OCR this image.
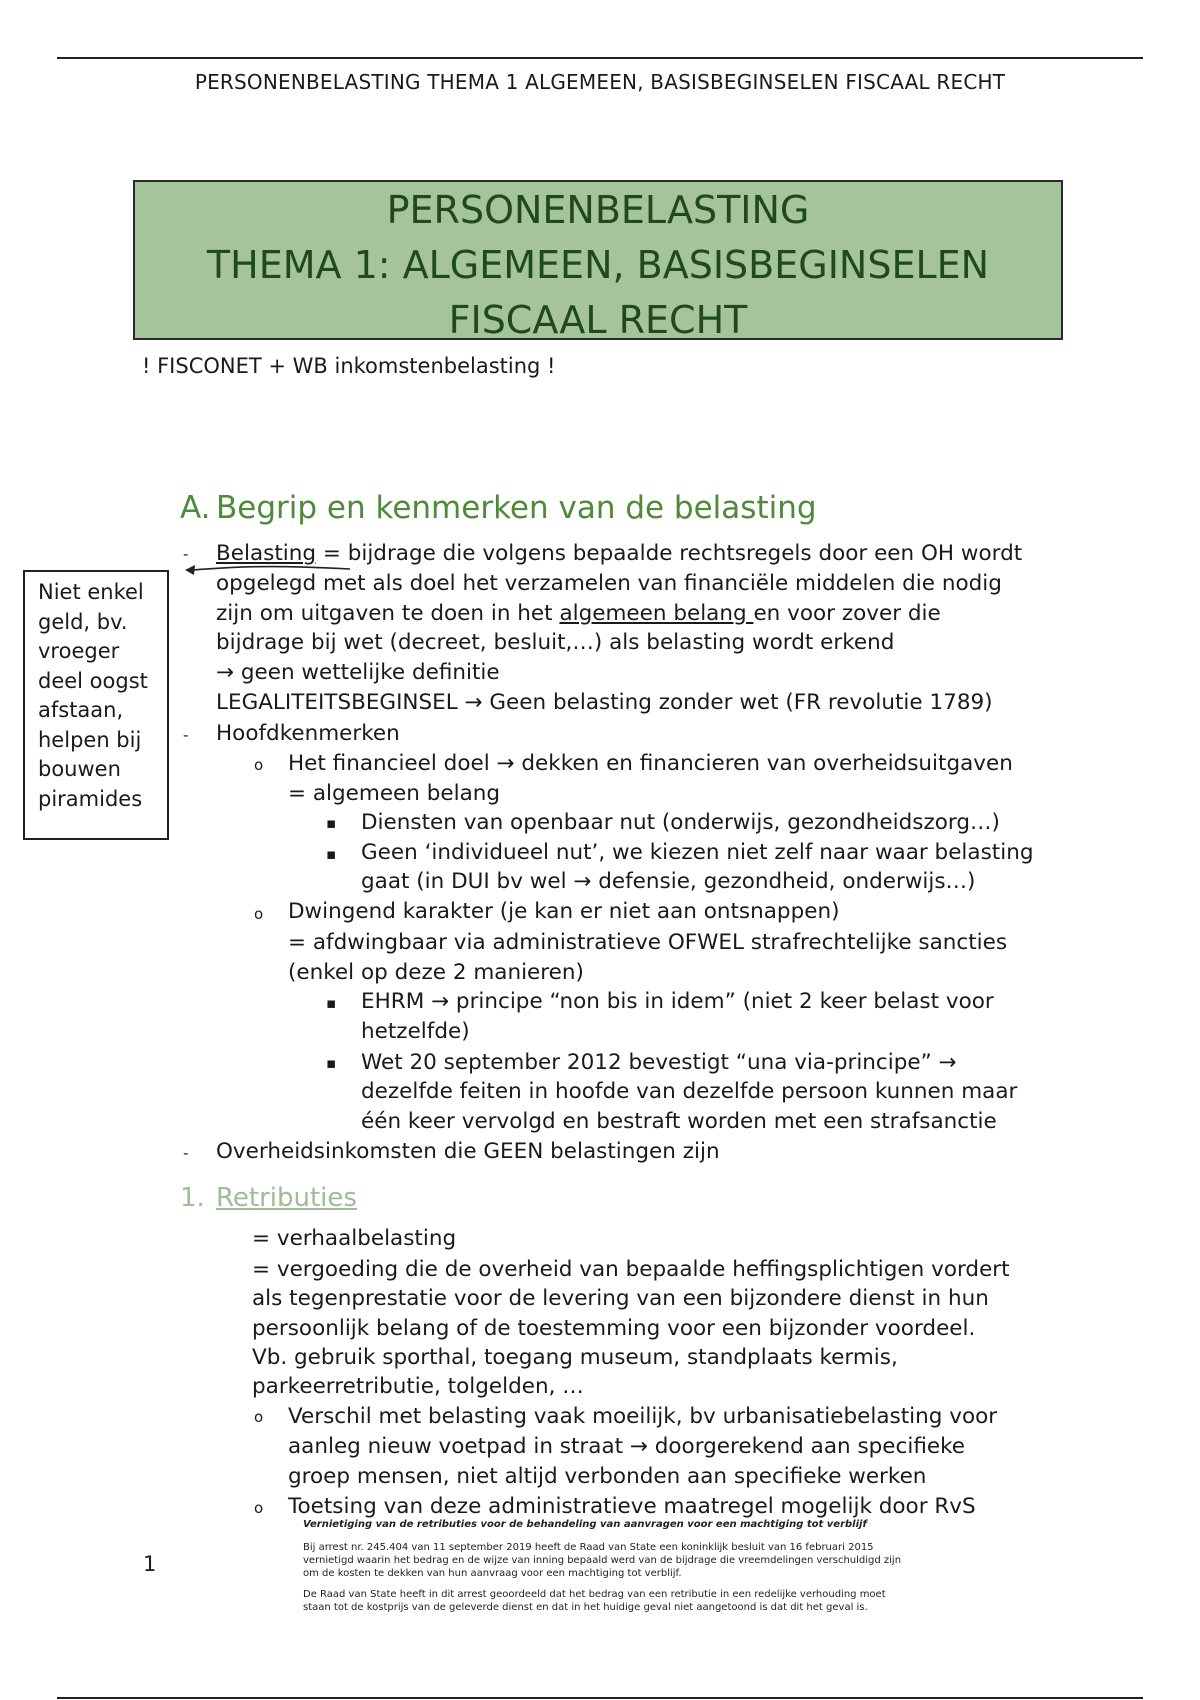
PERSONENBELASTING THEMA 1 ALGEMEEN, BASISBEGINSELEN FISCAAL RECHT
PERSONENBELASTING
THEMA 1: ALGEMEEN, BASISBEGINSELEN
FISCAAL RECHT
! FISCONET + WB inkomstenbelasting !
Niet enkel
geld, bv.
vroeger
deel oogst
afstaan,
helpen bij
bouwen
piramides
A. Begrip en kenmerken van de belasting
-
-
o
▪
▪
o
▪
▪
-
o
o
Belasting = bijdrage die volgens bepaalde rechtsregels door een OH wordt
opgelegd met als doel het verzamelen van financiële middelen die nodig
zijn om uitgaven te doen in het algemeen belang en voor zover die
bijdrage bij wet (decreet, besluit,…) als belasting wordt erkend
→ geen wettelijke definitie
LEGALITEITSBEGINSEL → Geen belasting zonder wet (FR revolutie 1789)
Hoofdkenmerken
Het financieel doel → dekken en financieren van overheidsuitgaven
= algemeen belang
Diensten van openbaar nut (onderwijs, gezondheidszorg…)
Geen ‘individueel nut’, we kiezen niet zelf naar waar belasting
gaat (in DUI bv wel → defensie, gezondheid, onderwijs…)
Dwingend karakter (je kan er niet aan ontsnappen)
= afdwingbaar via administratieve OFWEL strafrechtelijke sancties
(enkel op deze 2 manieren)
EHRM → principe “non bis in idem” (niet 2 keer belast voor
hetzelfde)
Wet 20 september 2012 bevestigt “una via-principe” →
dezelfde feiten in hoofde van dezelfde persoon kunnen maar
één keer vervolgd en bestraft worden met een strafsanctie
Overheidsinkomsten die GEEN belastingen zijn
1. Retributies
= verhaalbelasting
= vergoeding die de overheid van bepaalde heffingsplichtigen vordert
als tegenprestatie voor de levering van een bijzondere dienst in hun
persoonlijk belang of de toestemming voor een bijzonder voordeel.
Vb. gebruik sporthal, toegang museum, standplaats kermis,
parkeerretributie, tolgelden, …
Verschil met belasting vaak moeilijk, bv urbanisatiebelasting voor
aanleg nieuw voetpad in straat → doorgerekend aan specifieke
groep mensen, niet altijd verbonden aan specifieke werken
Toetsing van deze administratieve maatregel mogelijk door RvS
Vernietiging van de retributies voor de behandeling van aanvragen voor een machtiging tot verblijf

Bij arrest nr. 245.404 van 11 september 2019 heeft de Raad van State een koninklijk besluit van 16 februari 2015 vernietigd waarin het bedrag en de wijze van inning bepaald werd van de bijdrage die vreemdelingen verschuldigd zijn om de kosten te dekken van hun aanvraag voor een machtiging tot verblijf.

De Raad van State heeft in dit arrest geoordeeld dat het bedrag van een retributie in een redelijke verhouding moet staan tot de kostprijs van de geleverde dienst en dat in het huidige geval niet aangetoond is dat dit het geval is.

1
